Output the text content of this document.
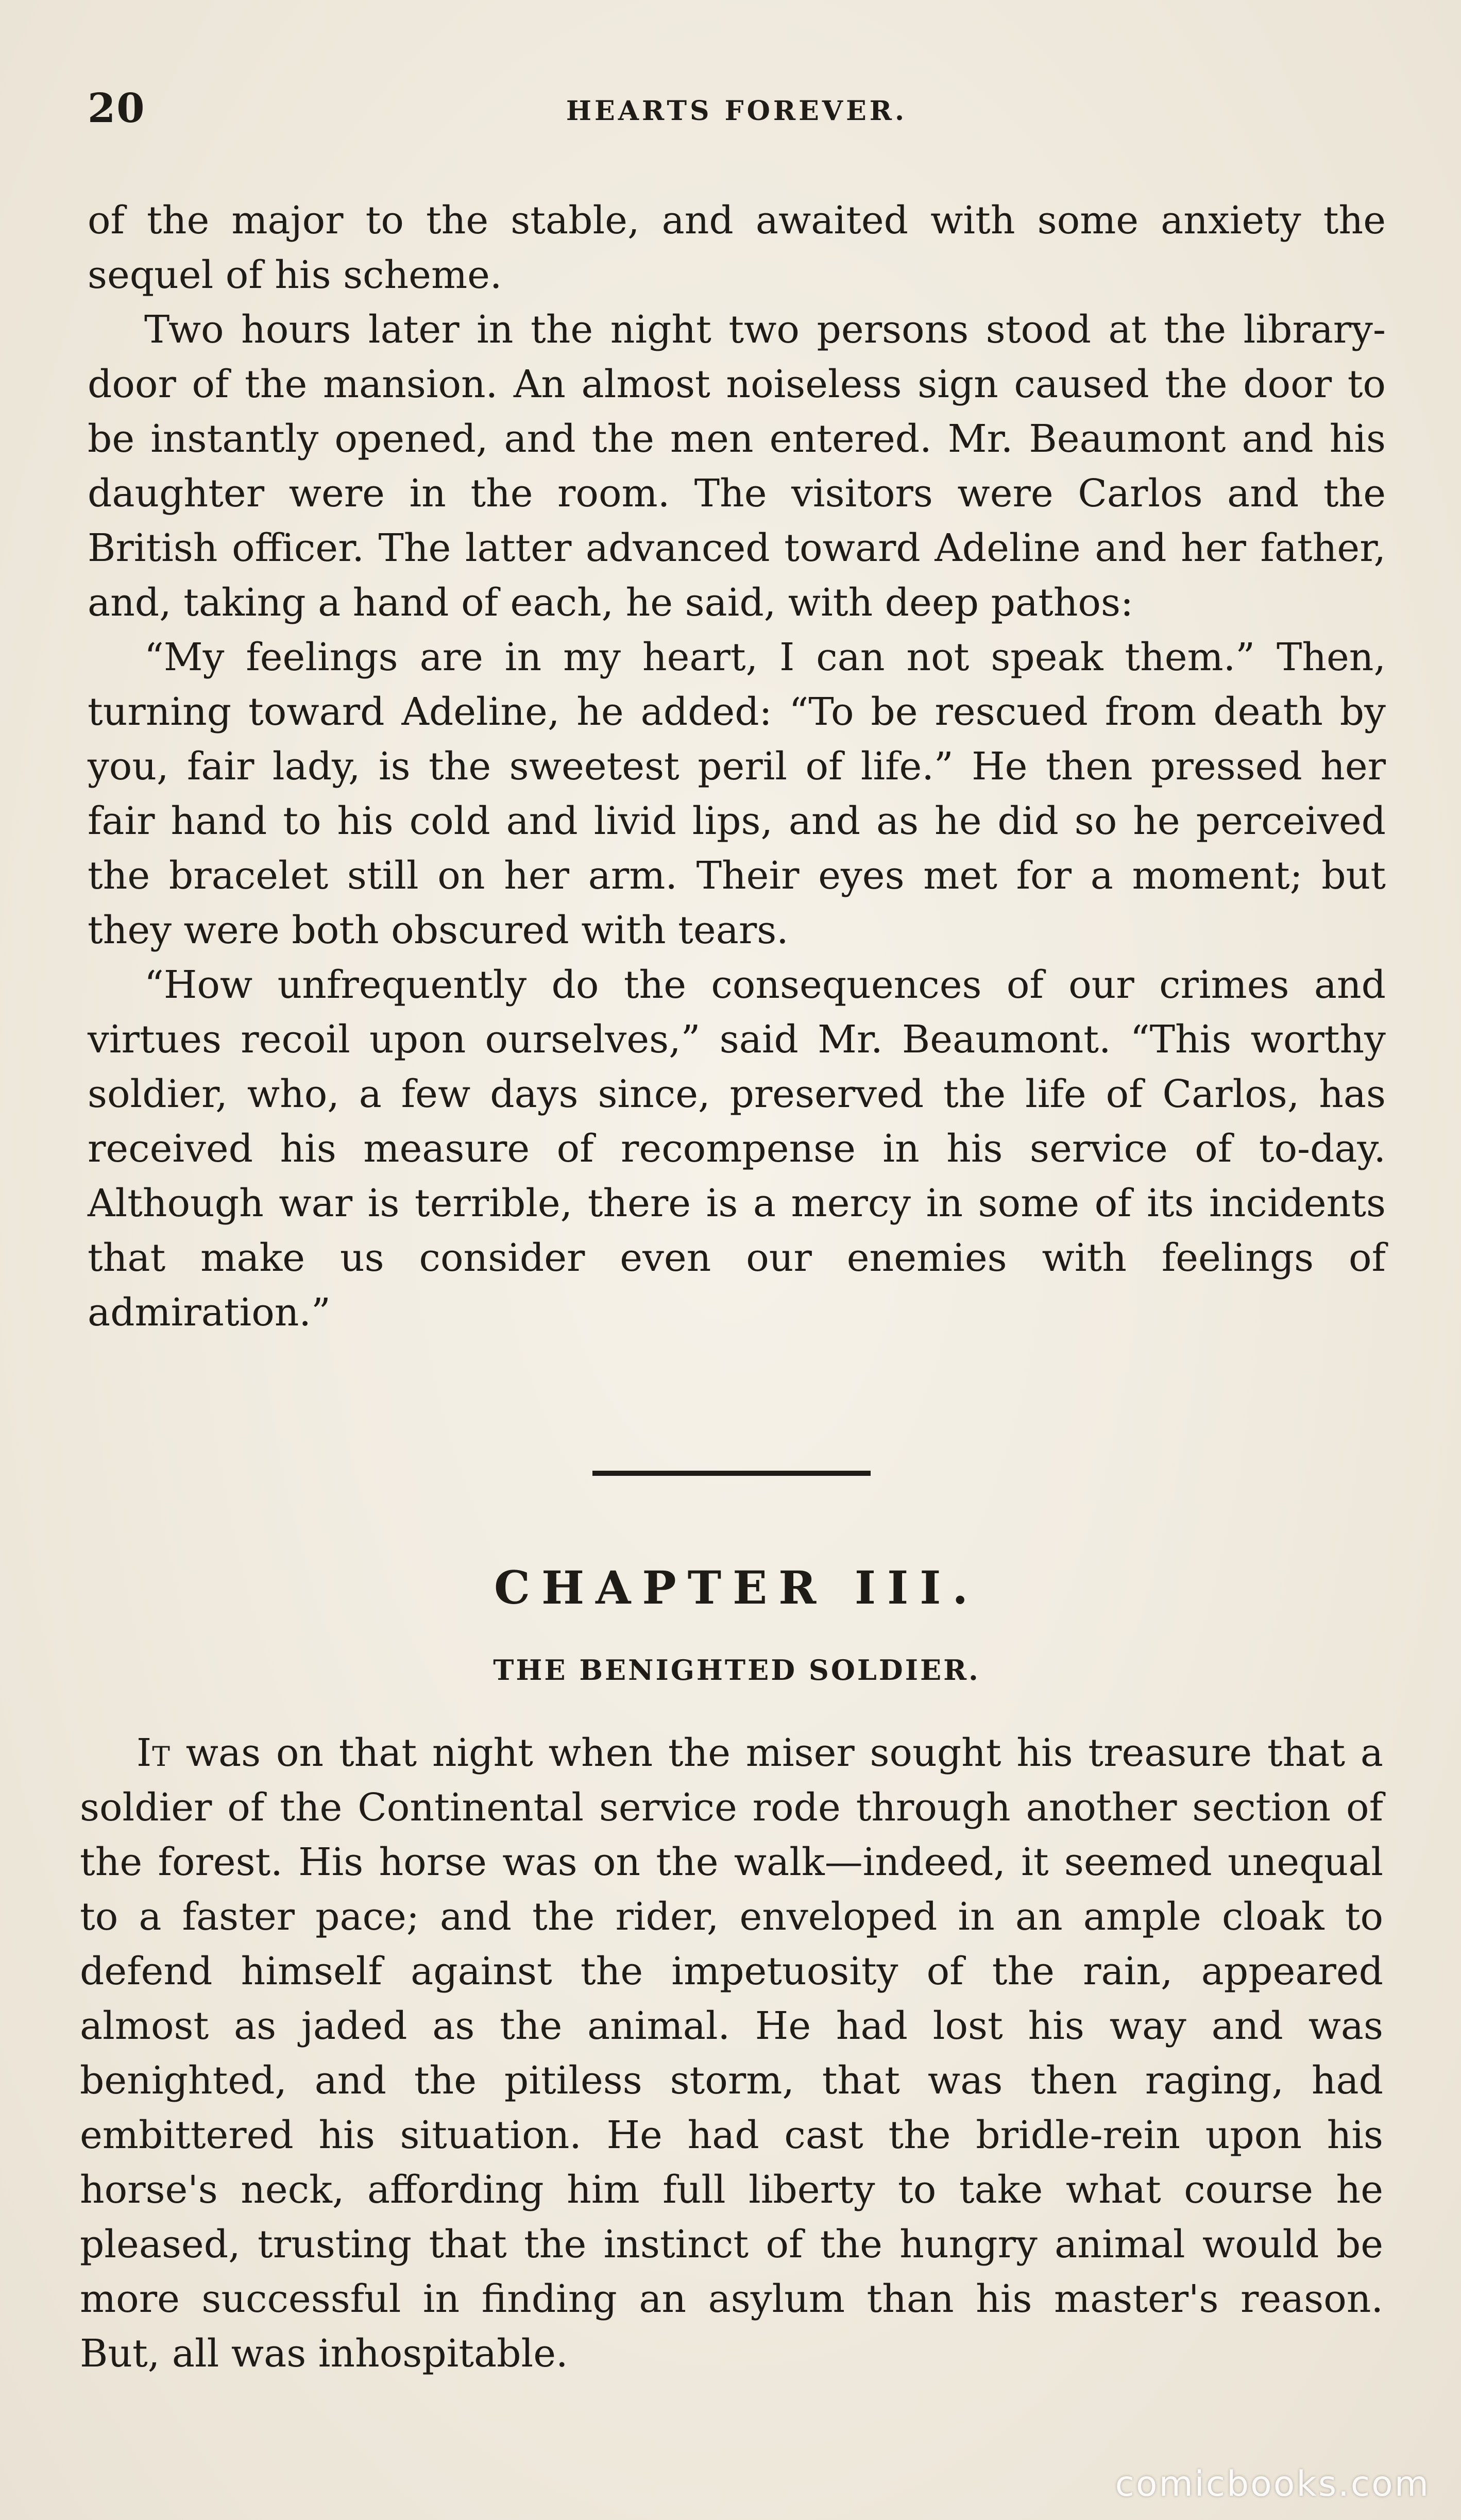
20	HEARTS FOREVER.

of the major to the stable, and awaited with some anxiety the sequel of his scheme.

Two hours later in the night two persons stood at the library-door of the mansion. An almost noiseless sign caused the door to be instantly opened, and the men entered. Mr. Beaumont and his daughter were in the room. The visitors were Carlos and the British officer. The latter advanced toward Adeline and her father, and, taking a hand of each, he said, with deep pathos:

“My feelings are in my heart, I can not speak them.” Then, turning toward Adeline, he added: “To be rescued from death by you, fair lady, is the sweetest peril of life.” He then pressed her fair hand to his cold and livid lips, and as he did so he perceived the bracelet still on her arm. Their eyes met for a moment; but they were both obscured with tears.

“How unfrequently do the consequences of our crimes and virtues recoil upon ourselves,” said Mr. Beaumont. “This worthy soldier, who, a few days since, preserved the life of Carlos, has received his measure of recompense in his service of to-day. Although war is terrible, there is a mercy in some of its incidents that make us consider even our enemies with feelings of admiration.”

CHAPTER III.
THE BENIGHTED SOLDIER.

It was on that night when the miser sought his treasure that a soldier of the Continental service rode through another section of the forest. His horse was on the walk—indeed, it seemed unequal to a faster pace; and the rider, enveloped in an ample cloak to defend himself against the impetuosity of the rain, appeared almost as jaded as the animal. He had lost his way and was benighted, and the pitiless storm, that was then raging, had embittered his situation. He had cast the bridle-rein upon his horse's neck, affording him full liberty to take what course he pleased, trusting that the instinct of the hungry animal would be more successful in finding an asylum than his master's reason. But, all was inhospitable.

comicbooks.com
